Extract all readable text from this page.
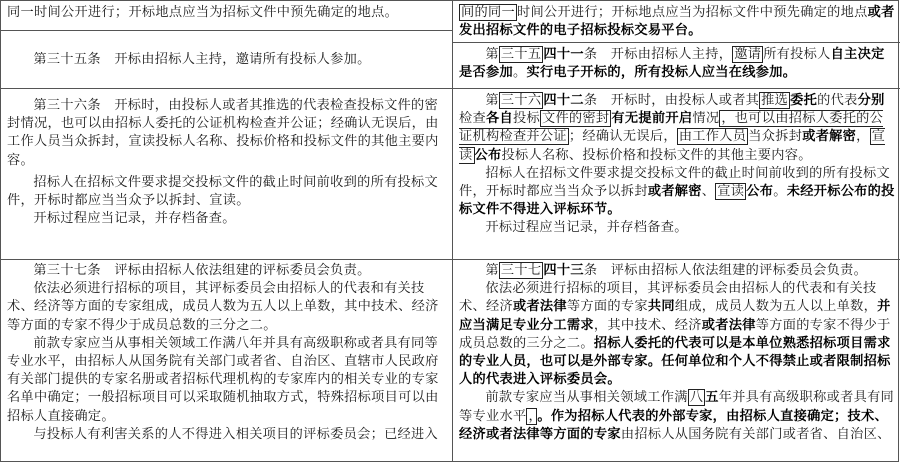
同一时间公开进行；开标地点应当为招标文件中预先确定的地点。

第三十五条　开标由招标人主持，邀请所有投标人参加。

第三十六条　开标时，由投标人或者其推选的代表检查投标文件的密封情况，也可以由招标人委托的公证机构检查并公证；经确认无误后，由工作人员当众拆封，宣读投标人名称、投标价格和投标文件的其他主要内容。

招标人在招标文件要求提交投标文件的截止时间前收到的所有投标文件，开标时都应当当众予以拆封、宣读。

开标过程应当记录，并存档备查。

第三十七条　评标由招标人依法组建的评标委员会负责。

依法必须进行招标的项目，其评标委员会由招标人的代表和有关技术、经济等方面的专家组成，成员人数为五人以上单数，其中技术、经济等方面的专家不得少于成员总数的三分之二。

前款专家应当从事相关领域工作满八年并具有高级职称或者具有同等专业水平，由招标人从国务院有关部门或者省、自治区、直辖市人民政府有关部门提供的专家名册或者招标代理机构的专家库内的相关专业的专家名单中确定；一般招标项目可以采取随机抽取方式，特殊招标项目可以由招标人直接确定。

与投标人有利害关系的人不得进入相关项目的评标委员会；已经进入

间的同一 时间公开进行；开标地点应当为招标文件中预先确定的地点或者发出招标文件的电子招标投标交易平台。

第 三十五 四十一条　开标由招标人主持， 邀请 所有投标人自主决定是否参加。实行电子开标的，所有投标人应当在线参加。

第 三十六 四十二条　开标时，由投标人或者其 推选 委托的代表分别检查各自投标 文件的密封 有无提前开启情况 ，也可以由招标人委托的公证机构检查并公证 ；经确认无误后， 由工作人员 当众拆封或者解密， 宣读 公布投标人名称、投标价格和投标文件的其他主要内容。

招标人在招标文件要求提交投标文件的截止时间前收到的所有投标文件，开标时都应当当众予以拆封或者解密、 宣读 公布。未经开标公布的投标文件不得进入评标环节。

开标过程应当记录，并存档备查。

第 三十七 四十三条　评标由招标人依法组建的评标委员会负责。

依法必须进行招标的项目，其评标委员会由招标人的代表和有关技术、经济或者法律等方面的专家共同组成，成员人数为五人以上单数，并应当满足专业分工需求，其中技术、经济或者法律等方面的专家不得少于成员总数的三分之二。招标人委托的代表可以是本单位熟悉招标项目需求的专业人员，也可以是外部专家。任何单位和个人不得禁止或者限制招标人的代表进入评标委员会。

前款专家应当从事相关领域工作满 八 五年并具有高级职称或者具有同等专业水平 ， 。作为招标人代表的外部专家，由招标人直接确定；技术、经济或者法律等方面的专家由招标人从国务院有关部门或者省、自治区、
